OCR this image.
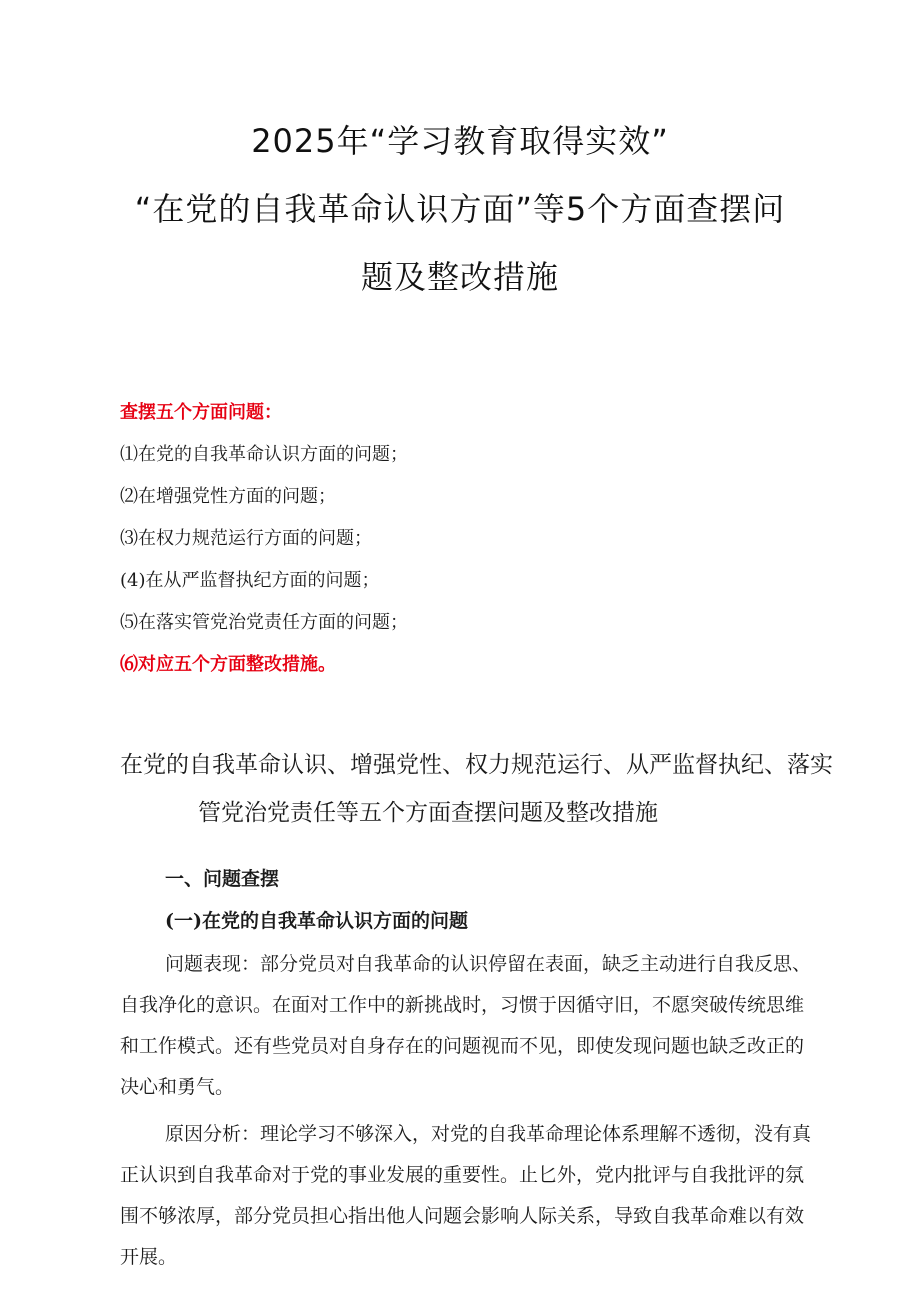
2025年“学习教育取得实效”
“在党的自我革命认识方面”等5个方面查摆问
题及整改措施
查摆五个方面问题：
⑴在党的自我革命认识方面的问题；
⑵在增强党性方面的问题；
⑶在权力规范运行方面的问题；
(4)在从严监督执纪方面的问题；
⑸在落实管党治党责任方面的问题；
⑹对应五个方面整改措施。
在党的自我革命认识、增强党性、权力规范运行、从严监督执纪、落实
管党治党责任等五个方面查摆问题及整改措施
一、问题查摆
(一)在党的自我革命认识方面的问题
问题表现：部分党员对自我革命的认识停留在表面，缺乏主动进行自我反思、
自我净化的意识。在面对工作中的新挑战时，习惯于因循守旧，不愿突破传统思维
和工作模式。还有些党员对自身存在的问题视而不见，即使发现问题也缺乏改正的
决心和勇气。
原因分析：理论学习不够深入，对党的自我革命理论体系理解不透彻，没有真
正认识到自我革命对于党的事业发展的重要性。止匕外，党内批评与自我批评的氛
围不够浓厚，部分党员担心指出他人问题会影响人际关系，导致自我革命难以有效
开展。
